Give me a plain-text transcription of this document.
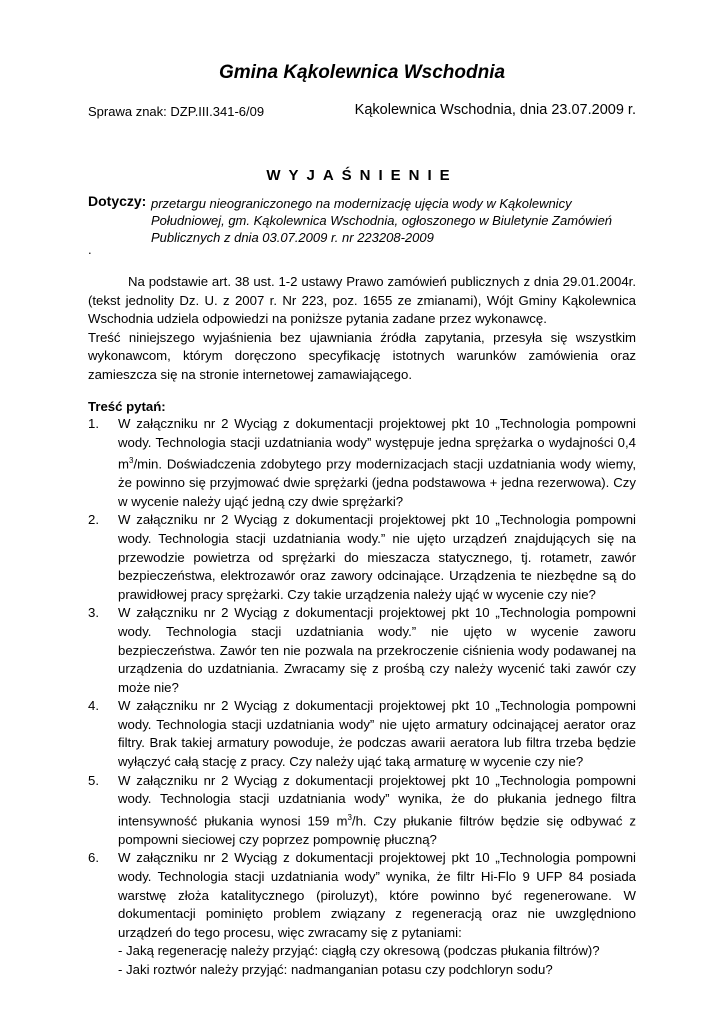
Gmina Kąkolewnica Wschodnia
Sprawa znak: DZP.III.341-6/09	Kąkolewnica Wschodnia, dnia 23.07.2009 r.
WYJAŚNIENIE
Dotyczy: przetargu nieograniczonego na modernizację ujęcia wody w Kąkolewnicy
Południowej, gm. Kąkolewnica Wschodnia, ogłoszonego w Biuletynie Zamówień
Publicznych z dnia 03.07.2009 r. nr 223208-2009
.

Na podstawie art. 38 ust. 1-2 ustawy Prawo zamówień publicznych z dnia 29.01.2004r. (tekst jednolity Dz. U. z 2007 r. Nr 223, poz. 1655 ze zmianami), Wójt Gminy Kąkolewnica Wschodnia udziela odpowiedzi na poniższe pytania zadane przez wykonawcę.

Treść niniejszego wyjaśnienia bez ujawniania źródła zapytania, przesyła się wszystkim wykonawcom, którym doręczono specyfikację istotnych warunków zamówienia oraz zamieszcza się na stronie internetowej zamawiającego.

Treść pytań:
1.	W załączniku nr 2 Wyciąg z dokumentacji projektowej pkt 10 „Technologia pompowni wody. Technologia stacji uzdatniania wody” występuje jedna sprężarka o wydajności 0,4 $m^3/\min$. Doświadczenia zdobytego przy modernizacjach stacji uzdatniania wody wiemy, że powinno się przyjmować dwie sprężarki (jedna podstawowa + jedna rezerwowa). Czy w wycenie należy ująć jedną czy dwie sprężarki?
2.	W załączniku nr 2 Wyciąg z dokumentacji projektowej pkt 10 „Technologia pompowni wody. Technologia stacji uzdatniania wody.” nie ujęto urządzeń znajdujących się na przewodzie powietrza od sprężarki do mieszacza statycznego, tj. rotametr, zawór bezpieczeństwa, elektrozawór oraz zawory odcinające. Urządzenia te niezbędne są do prawidłowej pracy sprężarki. Czy takie urządzenia należy ująć w wycenie czy nie?
3.	W załączniku nr 2 Wyciąg z dokumentacji projektowej pkt 10 „Technologia pompowni wody. Technologia stacji uzdatniania wody.” nie ujęto w wycenie zaworu bezpieczeństwa. Zawór ten nie pozwala na przekroczenie ciśnienia wody podawanej na urządzenia do uzdatniania. Zwracamy się z prośbą czy należy wycenić taki zawór czy może nie?
4.	W załączniku nr 2 Wyciąg z dokumentacji projektowej pkt 10 „Technologia pompowni wody. Technologia stacji uzdatniania wody” nie ujęto armatury odcinającej aerator oraz filtry. Brak takiej armatury powoduje, że podczas awarii aeratora lub filtra trzeba będzie wyłączyć całą stację z pracy. Czy należy ująć taką armaturę w wycenie czy nie?
5.	W załączniku nr 2 Wyciąg z dokumentacji projektowej pkt 10 „Technologia pompowni wody. Technologia stacji uzdatniania wody” wynika, że do płukania jednego filtra intensywność płukania wynosi 159 $m^3/h$. Czy płukanie filtrów będzie się odbywać z pompowni sieciowej czy poprzez pompownię płuczną?
6.	W załączniku nr 2 Wyciąg z dokumentacji projektowej pkt 10 „Technologia pompowni wody. Technologia stacji uzdatniania wody” wynika, że filtr Hi-Flo 9 UFP 84 posiada warstwę złoża katalitycznego (piroluzyt), które powinno być regenerowane. W dokumentacji pominięto problem związany z regeneracją oraz nie uwzględniono urządzeń do tego procesu, więc zwracamy się z pytaniami:
- Jaką regenerację należy przyjąć: ciągłą czy okresową (podczas płukania filtrów)?
- Jaki roztwór należy przyjąć: nadmanganian potasu czy podchloryn sodu?
